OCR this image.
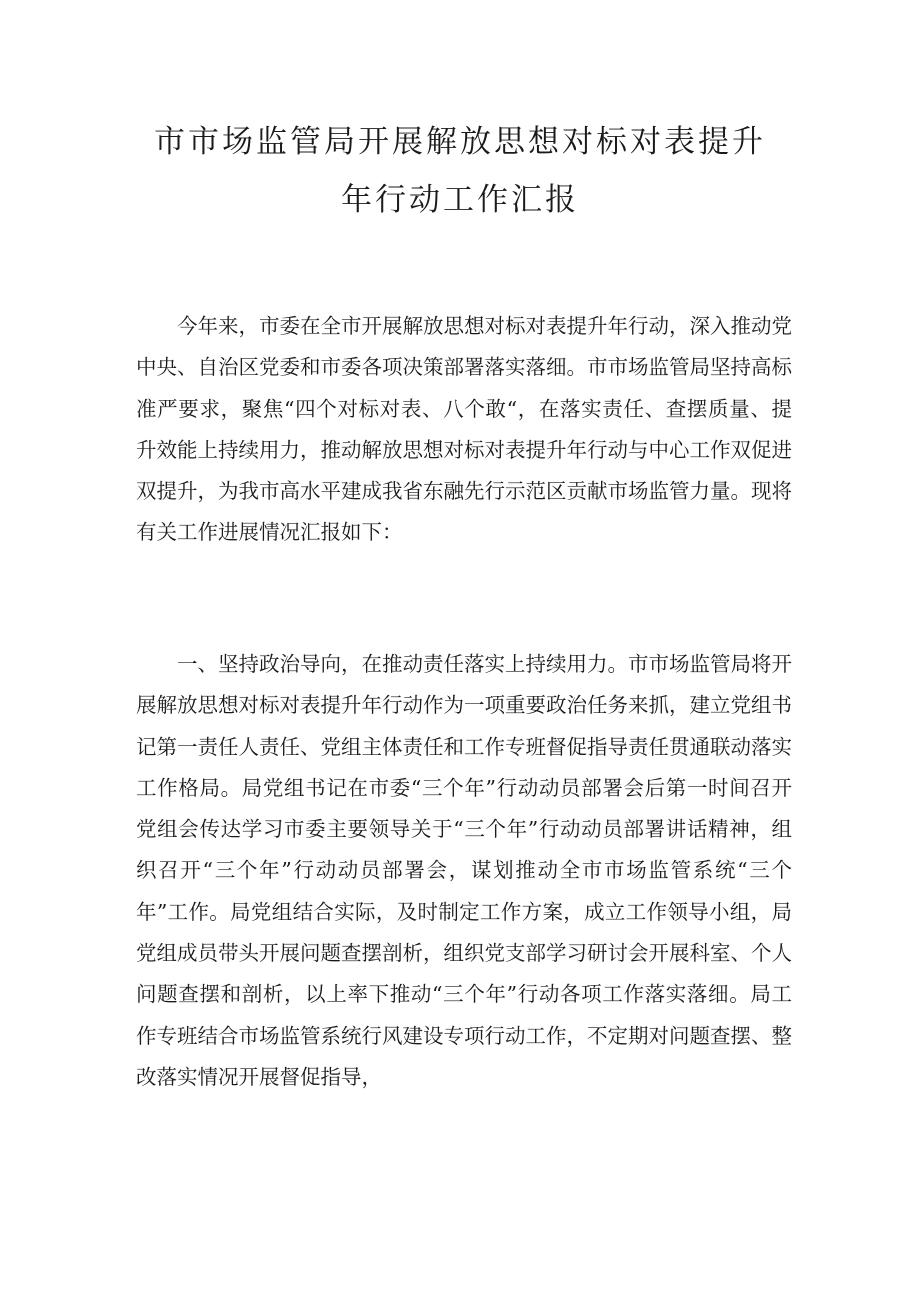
市市场监管局开展解放思想对标对表提升
年行动工作汇报

今年来，市委在全市开展解放思想对标对表提升年行动，深入推动党中央、自治区党委和市委各项决策部署落实落细。市市场监管局坚持高标准严要求，聚焦“四个对标对表、八个敢“，在落实责任、查摆质量、提升效能上持续用力，推动解放思想对标对表提升年行动与中心工作双促进双提升，为我市高水平建成我省东融先行示范区贡献市场监管力量。现将有关工作进展情况汇报如下：

一、坚持政治导向，在推动责任落实上持续用力。市市场监管局将开展解放思想对标对表提升年行动作为一项重要政治任务来抓，建立党组书记第一责任人责任、党组主体责任和工作专班督促指导责任贯通联动落实工作格局。局党组书记在市委“三个年”行动动员部署会后第一时间召开党组会传达学习市委主要领导关于“三个年”行动动员部署讲话精神，组织召开“三个年”行动动员部署会，谋划推动全市市场监管系统“三个年”工作。局党组结合实际，及时制定工作方案，成立工作领导小组，局党组成员带头开展问题查摆剖析，组织党支部学习研讨会开展科室、个人问题查摆和剖析，以上率下推动“三个年”行动各项工作落实落细。局工作专班结合市场监管系统行风建设专项行动工作，不定期对问题查摆、整改落实情况开展督促指导，
